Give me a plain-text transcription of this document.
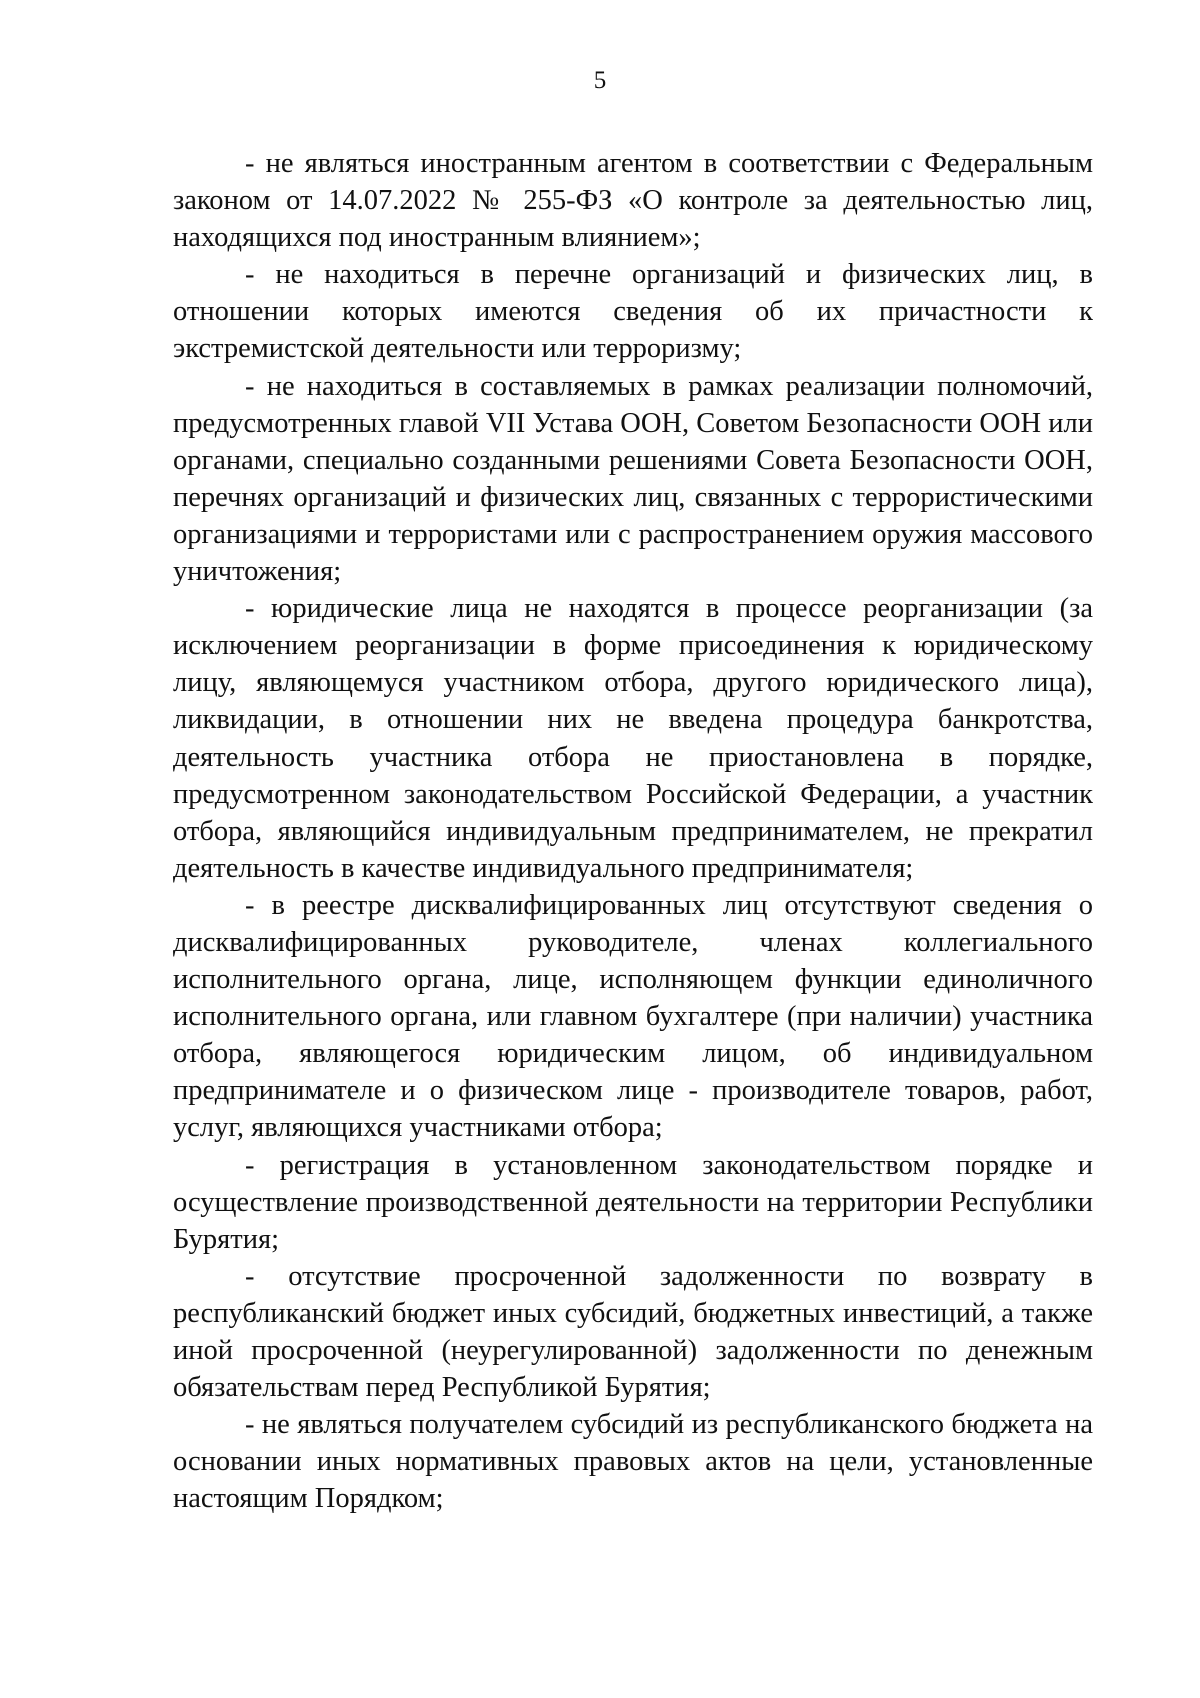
5

- не являться иностранным агентом в соответствии с Федеральным законом от 14.07.2022 № 255-ФЗ «О контроле за деятельностью лиц, находящихся под иностранным влиянием»;

- не находиться в перечне организаций и физических лиц, в отношении которых имеются сведения об их причастности к экстремистской деятельности или терроризму;

- не находиться в составляемых в рамках реализации полномочий, предусмотренных главой VII Устава ООН, Советом Безопасности ООН или органами, специально созданными решениями Совета Безопасности ООН, перечнях организаций и физических лиц, связанных с террористическими организациями и террористами или с распространением оружия массового уничтожения;

- юридические лица не находятся в процессе реорганизации (за исключением реорганизации в форме присоединения к юридическому лицу, являющемуся участником отбора, другого юридического лица), ликвидации, в отношении них не введена процедура банкротства, деятельность участника отбора не приостановлена в порядке, предусмотренном законодательством Российской Федерации, а участник отбора, являющийся индивидуальным предпринимателем, не прекратил деятельность в качестве индивидуального предпринимателя;

- в реестре дисквалифицированных лиц отсутствуют сведения о дисквалифицированных руководителе, членах коллегиального исполнительного органа, лице, исполняющем функции единоличного исполнительного органа, или главном бухгалтере (при наличии) участника отбора, являющегося юридическим лицом, об индивидуальном предпринимателе и о физическом лице - производителе товаров, работ, услуг, являющихся участниками отбора;

- регистрация в установленном законодательством порядке и осуществление производственной деятельности на территории Республики Бурятия;

- отсутствие просроченной задолженности по возврату в республиканский бюджет иных субсидий, бюджетных инвестиций, а также иной просроченной (неурегулированной) задолженности по денежным обязательствам перед Республикой Бурятия;

- не являться получателем субсидий из республиканского бюджета на основании иных нормативных правовых актов на цели, установленные настоящим Порядком;
